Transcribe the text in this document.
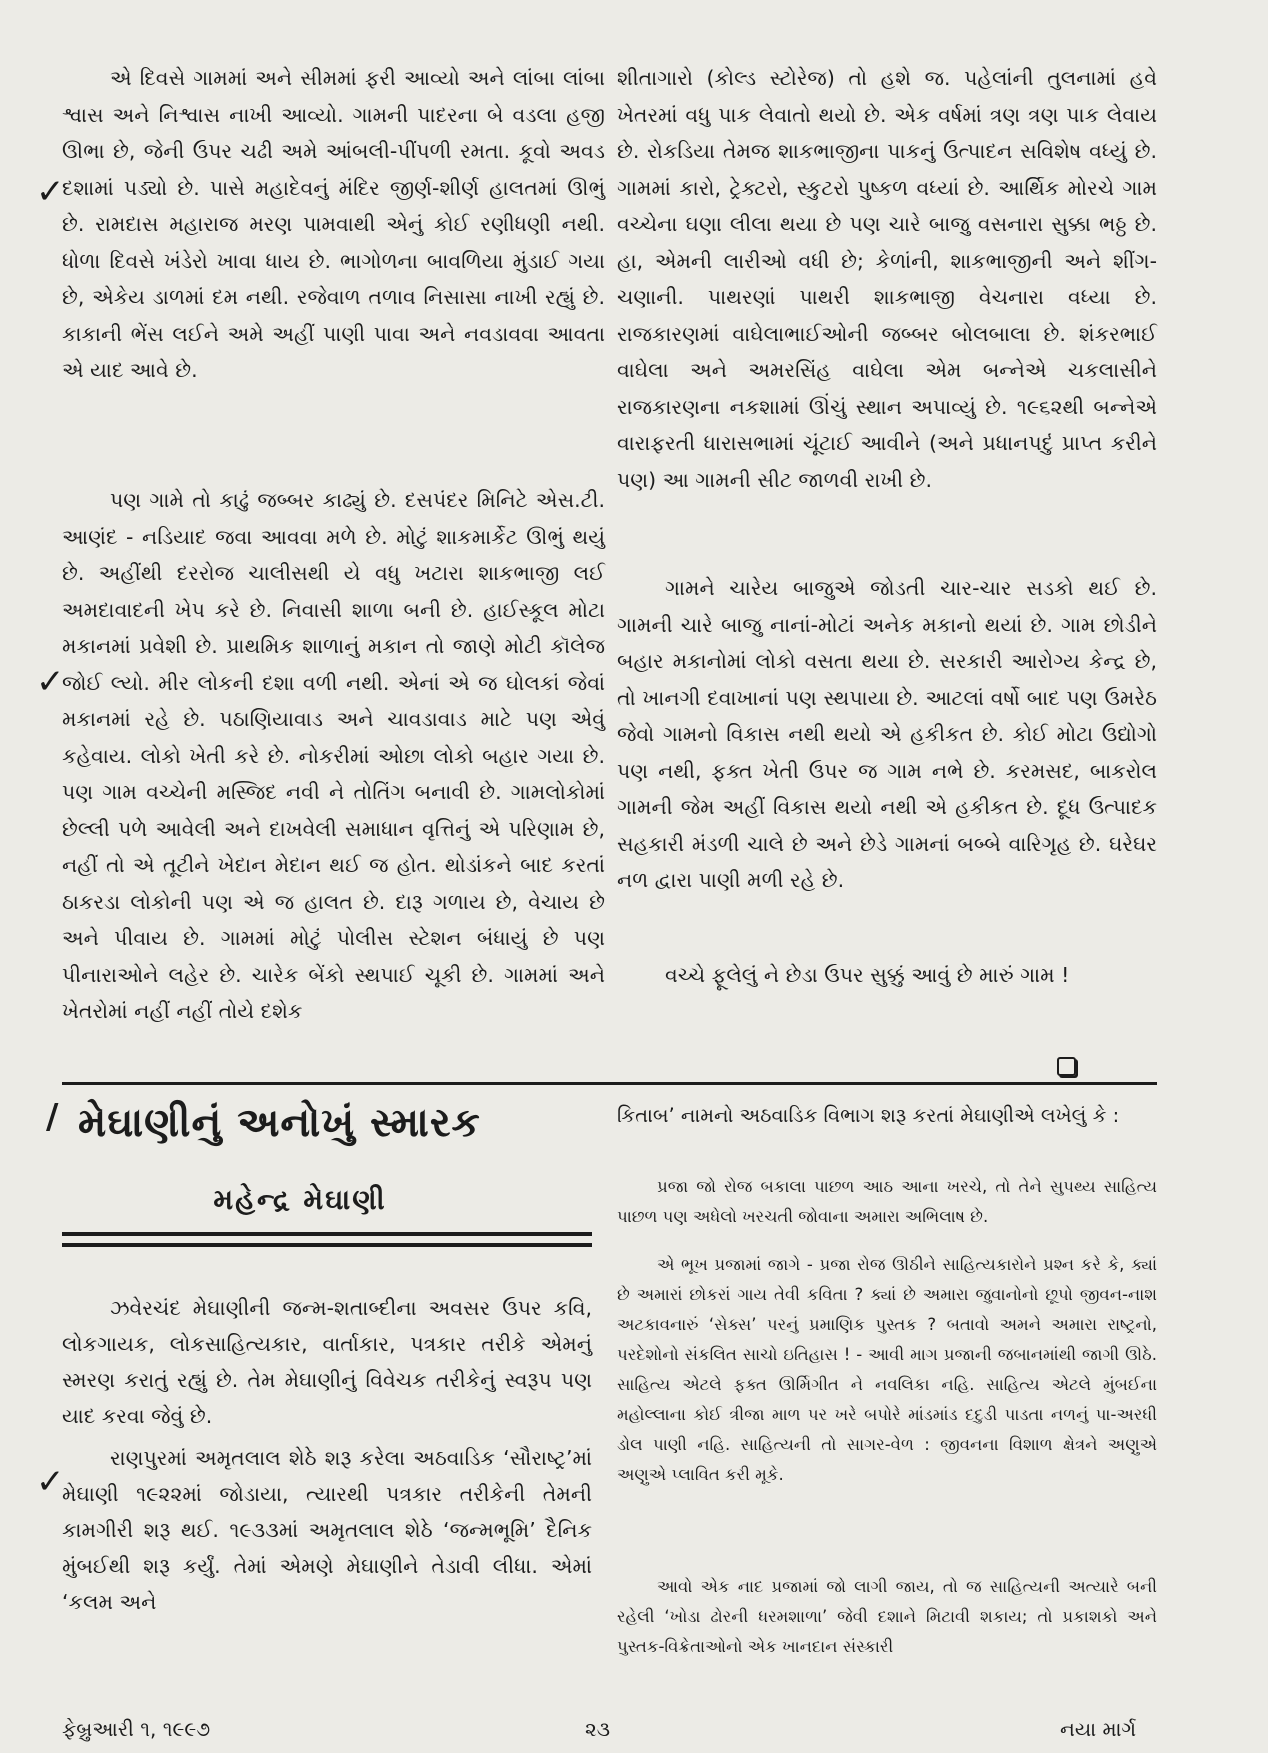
એ દિવસે ગામમાં અને સીમમાં ફરી આવ્યો અને લાંબા લાંબા શ્વાસ અને નિશ્વાસ નાખી આવ્યો. ગામની પાદરના બે વડલા હજી ઊભા છે, જેની ઉપર ચઢી અમે આંબલી-પીંપળી રમતા. કૂવો અવડ દશામાં પડ્યો છે. પાસે મહાદેવનું મંદિર જીર્ણ-શીર્ણ હાલતમાં ઊભું છે. રામદાસ મહારાજ મરણ પામવાથી એનું કોઈ રણીધણી નથી. ધોળા દિવસે ખંડેરો ખાવા ધાય છે. ભાગોળના બાવળિયા મુંડાઈ ગયા છે, એકેય ડાળમાં દમ નથી. રજેવાળ તળાવ નિસાસા નાખી રહ્યું છે. કાકાની ભેંસ લઈને અમે અહીં પાણી પાવા અને નવડાવવા આવતા એ યાદ આવે છે.

પણ ગામે તો કાઢું જબ્બર કાઢ્યું છે. દસપંદર મિનિટે એસ.ટી. આણંદ - નડિયાદ જવા આવવા મળે છે. મોટું શાકમાર્કેટ ઊભું થયું છે. અહીંથી દરરોજ ચાલીસથી યે વધુ ખટારા શાકભાજી લઈ અમદાવાદની ખેપ કરે છે. નિવાસી શાળા બની છે. હાઈસ્કૂલ મોટા મકાનમાં પ્રવેશી છે. પ્રાથમિક શાળાનું મકાન તો જાણે મોટી કૉલેજ જોઈ લ્યો. મીર લોકની દશા વળી નથી. એનાં એ જ ઘોલકાં જેવાં મકાનમાં રહે છે. પઠાણિયાવાડ અને ચાવડાવાડ માટે પણ એવું કહેવાય. લોકો ખેતી કરે છે. નોકરીમાં ઓછા લોકો બહાર ગયા છે. પણ ગામ વચ્ચેની મસ્જિદ નવી ને તોતિંગ બનાવી છે. ગામલોકોમાં છેલ્લી પળે આવેલી અને દાખવેલી સમાધાન વૃત્તિનું એ પરિણામ છે, નહીં તો એ તૂટીને ખેદાન મેદાન થઈ જ હોત. થોડાંકને બાદ કરતાં ઠાકરડા લોકોની પણ એ જ હાલત છે. દારૂ ગળાય છે, વેચાય છે અને પીવાય છે. ગામમાં મોટું પોલીસ સ્ટેશન બંધાયું છે પણ પીનારાઓને લહેર છે. ચારેક બેંકો સ્થપાઈ ચૂકી છે. ગામમાં અને ખેતરોમાં નહીં નહીં તોયે દશેક

શીતાગારો (કોલ્ડ સ્ટોરેજ) તો હશે જ. પહેલાંની તુલનામાં હવે ખેતરમાં વધુ પાક લેવાતો થયો છે. એક વર્ષમાં ત્રણ ત્રણ પાક લેવાય છે. રોકડિયા તેમજ શાકભાજીના પાકનું ઉત્પાદન સવિશેષ વધ્યું છે. ગામમાં કારો, ટ્રેક્ટરો, સ્કુટરો પુષ્કળ વધ્યાં છે. આર્થિક મોરચે ગામ વચ્ચેના ઘણા લીલા થયા છે પણ ચારે બાજુ વસનારા સુક્કા ભઠ્ઠ છે. હા, એમની લારીઓ વધી છે; કેળાંની, શાકભાજીની અને શીંગ-ચણાની. પાથરણાં પાથરી શાકભાજી વેચનારા વધ્યા છે. રાજકારણમાં વાઘેલાભાઈઓની જબ્બર બોલબાલા છે. શંકરભાઈ વાઘેલા અને અમરસિંહ વાઘેલા એમ બન્નેએ ચકલાસીને રાજકારણના નકશામાં ઊંચું સ્થાન અપાવ્યું છે. ૧૯૬૨થી બન્નેએ વારાફરતી ધારાસભામાં ચૂંટાઈ આવીને (અને પ્રધાનપદું પ્રાપ્ત કરીને પણ) આ ગામની સીટ જાળવી રાખી છે.

ગામને ચારેય બાજુએ જોડતી ચાર-ચાર સડકો થઈ છે. ગામની ચારે બાજુ નાનાં-મોટાં અનેક મકાનો થયાં છે. ગામ છોડીને બહાર મકાનોમાં લોકો વસતા થયા છે. સરકારી આરોગ્ય કેન્દ્ર છે, તો ખાનગી દવાખાનાં પણ સ્થપાયા છે. આટલાં વર્ષો બાદ પણ ઉમરેઠ જેવો ગામનો વિકાસ નથી થયો એ હકીકત છે. કોઈ મોટા ઉદ્યોગો પણ નથી, ફક્ત ખેતી ઉપર જ ગામ નભે છે. કરમસદ, બાકરોલ ગામની જેમ અહીં વિકાસ થયો નથી એ હકીકત છે. દૂધ ઉત્પાદક સહકારી મંડળી ચાલે છે અને છેડે ગામનાં બબ્બે વારિગૃહ છે. ઘરેઘર નળ દ્વારા પાણી મળી રહે છે.

વચ્ચે ફૂલેલું ને છેડા ઉપર સુક્કું આવું છે મારું ગામ !

✓
✓
/
✓
મેઘાણીનું અનોખું સ્મારક

મહેન્દ્ર મેઘાણી

ઝવેરચંદ મેઘાણીની જન્મ-શતાબ્દીના અવસર ઉપર કવિ, લોકગાયક, લોકસાહિત્યકાર, વાર્તાકાર, પત્રકાર તરીકે એમનું સ્મરણ કરાતું રહ્યું છે. તેમ મેઘાણીનું વિવેચક તરીકેનું સ્વરૂપ પણ યાદ કરવા જેવું છે.

રાણપુરમાં અમૃતલાલ શેઠે શરૂ કરેલા અઠવાડિક ‘સૌરાષ્ટ્ર’માં મેઘાણી ૧૯૨૨માં જોડાયા, ત્યારથી પત્રકાર તરીકેની તેમની કામગીરી શરૂ થઈ. ૧૯૩૩માં અમૃતલાલ શેઠે ‘જન્મભૂમિ’ દૈનિક મુંબઈથી શરૂ કર્યું. તેમાં એમણે મેઘાણીને તેડાવી લીધા. એમાં ‘કલમ અને

કિતાબ’ નામનો અઠવાડિક વિભાગ શરૂ કરતાં મેઘાણીએ લખેલું કે :

પ્રજા જો રોજ બકાલા પાછળ આઠ આના ખરચે, તો તેને સુપથ્ય સાહિત્ય પાછળ પણ અધેલો ખરચતી જોવાના અમારા અભિલાષ છે.

એ ભૂખ પ્રજામાં જાગે - પ્રજા રોજ ઊઠીને સાહિત્યકારોને પ્રશ્ન કરે કે, ક્યાં છે અમારાં છોકરાં ગાય તેવી કવિતા ? ક્યાં છે અમારા જુવાનોનો છૂપો જીવન-નાશ અટકાવનારું ‘સેક્સ’ પરનું પ્રમાણિક પુસ્તક ? બતાવો અમને અમારા રાષ્ટ્રનો, પરદેશોનો સંકલિત સાચો ઇતિહાસ ! - આવી માગ પ્રજાની જબાનમાંથી જાગી ઊઠે. સાહિત્ય એટલે ફક્ત ઊર્મિગીત ને નવલિકા નહિ. સાહિત્ય એટલે મુંબઈના મહોલ્લાના કોઈ ત્રીજા માળ પર ખરે બપોરે માંડમાંડ દદુડી પાડતા નળનું પા-અરધી ડોલ પાણી નહિ. સાહિત્યની તો સાગર-વેળ : જીવનના વિશાળ ક્ષેત્રને અણુએ અણુએ પ્લાવિત કરી મૂકે.

આવો એક નાદ પ્રજામાં જો લાગી જાય, તો જ સાહિત્યની અત્યારે બની રહેલી ‘ખોડા ઢોરની ધરમશાળા’ જેવી દશાને મિટાવી શકાય; તો પ્રકાશકો અને પુસ્તક-વિક્રેતાઓનો એક ખાનદાન સંસ્કારી

ફેબ્રુઆરી ૧, ૧૯૯૭	૨૩	નયા માર્ગ
